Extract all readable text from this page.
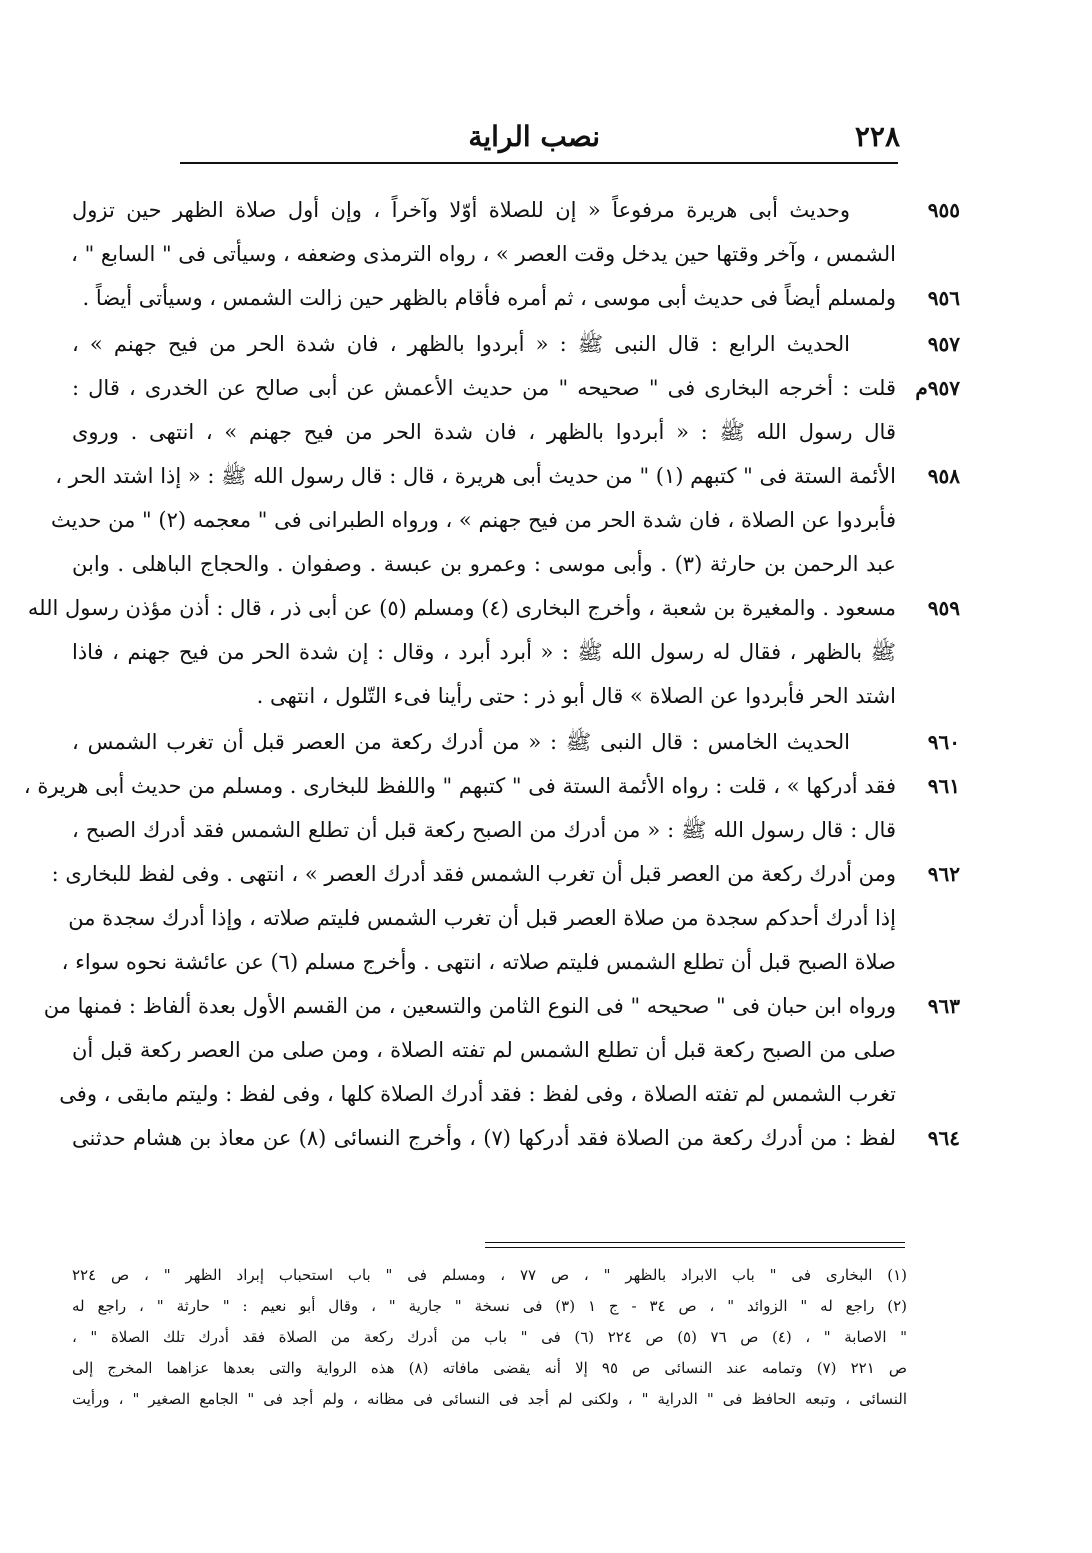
٢٢٨
نصب الراية
٩٥٥
وحديث أبى هريرة مرفوعاً « إن للصلاة أوّلا وآخراً ، وإن أول صلاة الظهر حين تزول
الشمس ، وآخر وقتها حين يدخل وقت العصر » ، رواه الترمذى وضعفه ، وسيأتى فى " السابع " ،
٩٥٦
ولمسلم أيضاً فى حديث أبى موسى ، ثم أمره فأقام بالظهر حين زالت الشمس ، وسيأتى أيضاً .
٩٥٧
الحديث الرابع : قال النبى ﷺ : « أبردوا بالظهر ، فان شدة الحر من فيح جهنم » ،
٩٥٧م
قلت : أخرجه البخارى فى " صحيحه " من حديث الأعمش عن أبى صالح عن الخدرى ، قال :
قال رسول الله ﷺ : « أبردوا بالظهر ، فان شدة الحر من فيح جهنم » ، انتهى . وروى
٩٥٨
الأئمة الستة فى " كتبهم (١) " من حديث أبى هريرة ، قال : قال رسول الله ﷺ : « إذا اشتد الحر ،
فأبردوا عن الصلاة ، فان شدة الحر من فيح جهنم » ، ورواه الطبرانى فى " معجمه (٢) " من حديث
عبد الرحمن بن حارثة (٣) . وأبى موسى : وعمرو بن عبسة . وصفوان . والحجاج الباهلى . وابن
٩٥٩
مسعود . والمغيرة بن شعبة ، وأخرج البخارى (٤) ومسلم (٥) عن أبى ذر ، قال : أذن مؤذن رسول الله
ﷺ بالظهر ، فقال له رسول الله ﷺ : « أبرد أبرد ، وقال : إن شدة الحر من فيح جهنم ، فاذا
اشتد الحر فأبردوا عن الصلاة » قال أبو ذر : حتى رأينا فىء التّلول ، انتهى .
٩٦٠
الحديث الخامس : قال النبى ﷺ : « من أدرك ركعة من العصر قبل أن تغرب الشمس ،
٩٦١
فقد أدركها » ، قلت : رواه الأئمة الستة فى " كتبهم " واللفظ للبخارى . ومسلم من حديث أبى هريرة ،
قال : قال رسول الله ﷺ : « من أدرك من الصبح ركعة قبل أن تطلع الشمس فقد أدرك الصبح ،
٩٦٢
ومن أدرك ركعة من العصر قبل أن تغرب الشمس فقد أدرك العصر » ، انتهى . وفى لفظ للبخارى :
إذا أدرك أحدكم سجدة من صلاة العصر قبل أن تغرب الشمس فليتم صلاته ، وإذا أدرك سجدة من
صلاة الصبح قبل أن تطلع الشمس فليتم صلاته ، انتهى . وأخرج مسلم (٦) عن عائشة نحوه سواء ،
٩٦٣
ورواه ابن حبان فى " صحيحه " فى النوع الثامن والتسعين ، من القسم الأول بعدة ألفاظ : فمنها من
صلى من الصبح ركعة قبل أن تطلع الشمس لم تفته الصلاة ، ومن صلى من العصر ركعة قبل أن
تغرب الشمس لم تفته الصلاة ، وفى لفظ : فقد أدرك الصلاة كلها ، وفى لفظ : وليتم مابقى ، وفى
٩٦٤
لفظ : من أدرك ركعة من الصلاة فقد أدركها (٧) ، وأخرج النسائى (٨) عن معاذ بن هشام حدثنى
(١) البخارى فى " باب الابراد بالظهر " ، ص ٧٧ ، ومسلم فى " باب استحباب إبراد الظهر " ، ص ٢٢٤
(٢) راجع له " الزوائد " ، ص ٣٤ - ج ١ (٣) فى نسخة " جارية " ، وقال أبو نعيم : " حارثة " ، راجع له
" الاصابة " ، (٤) ص ٧٦ (٥) ص ٢٢٤ (٦) فى " باب من أدرك ركعة من الصلاة فقد أدرك تلك الصلاة " ،
ص ٢٢١ (٧) وتمامه عند النسائى ص ٩٥ إلا أنه يقضى مافاته (٨) هذه الرواية والتى بعدها عزاهما المخرج إلى
النسائى ، وتبعه الحافظ فى " الدراية " ، ولكنى لم أجد فى النسائى فى مظانه ، ولم أجد فى " الجامع الصغير " ، ورأيت
